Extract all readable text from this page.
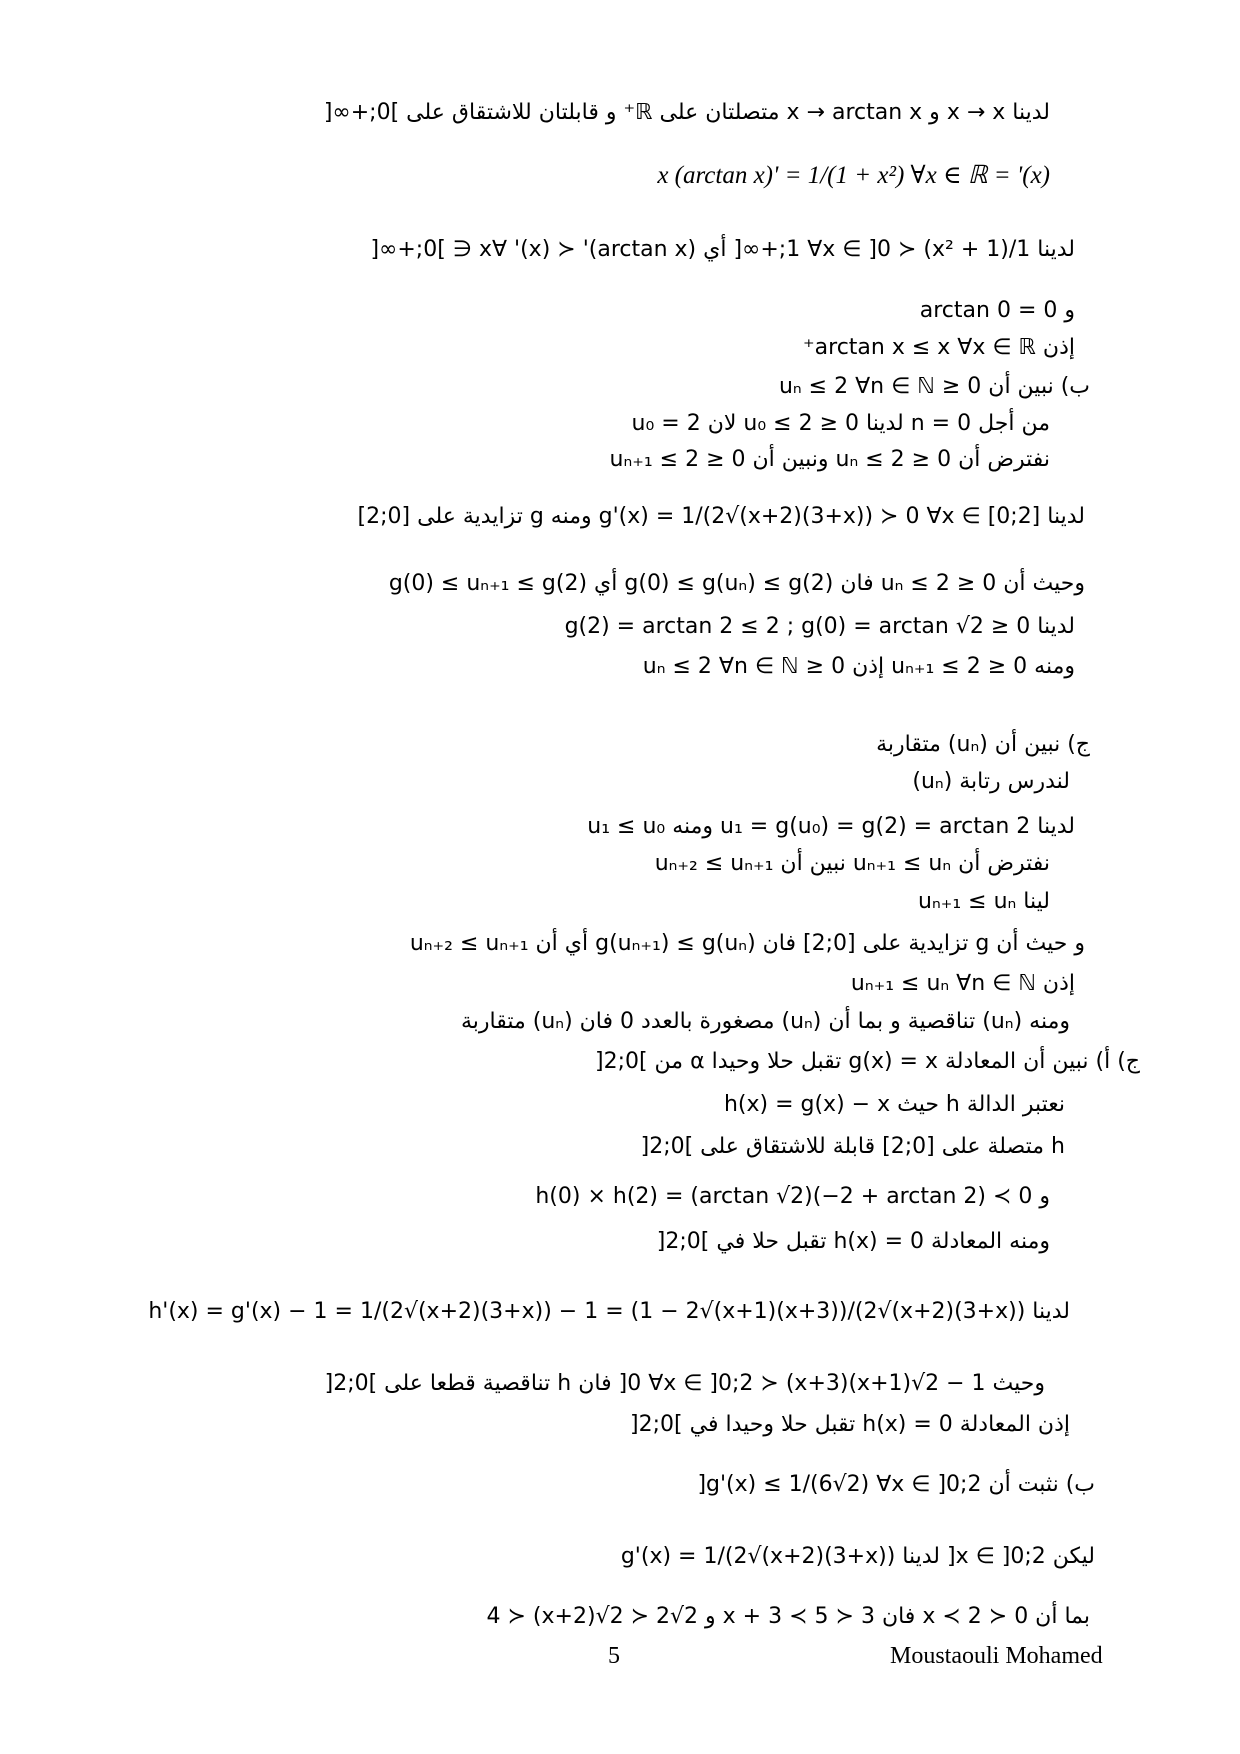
لدينا x → x و x → arctan x متصلتان على ℝ⁺ و قابلتان للاشتقاق على ]0;+∞[
(x)' = x (arctan x)' = 1/(1 + x²) ∀x ∈ ℝ
لدينا 1/(1 + x²) ≺ 1 ∀x ∈ ]0;+∞[ أي (arctan x)' ≺ (x)' ∀x ∈ ]0;+∞[
و arctan 0 = 0
إذن arctan x ≤ x ∀x ∈ ℝ⁺
ب) نبين أن 0 ≤ uₙ ≤ 2 ∀n ∈ ℕ
من أجل n = 0 لدينا 0 ≤ u₀ ≤ 2 لان u₀ = 2
نفترض أن 0 ≤ uₙ ≤ 2 ونبين أن 0 ≤ uₙ₊₁ ≤ 2
لدينا g'(x) = 1/(2√(x+2)(3+x)) ≻ 0 ∀x ∈ [0;2] ومنه g تزايدية على [0;2]
وحيث أن 0 ≤ uₙ ≤ 2 فان g(0) ≤ g(uₙ) ≤ g(2) أي g(0) ≤ uₙ₊₁ ≤ g(2)
لدينا g(2) = arctan 2 ≤ 2 ; g(0) = arctan √2 ≥ 0
ومنه 0 ≤ uₙ₊₁ ≤ 2 إذن 0 ≤ uₙ ≤ 2 ∀n ∈ ℕ
ج) نبين أن (uₙ) متقاربة
لندرس رتابة (uₙ)
لدينا u₁ = g(u₀) = g(2) = arctan 2 ومنه u₁ ≤ u₀
نفترض أن uₙ₊₁ ≤ uₙ نبين أن uₙ₊₂ ≤ uₙ₊₁
لينا uₙ₊₁ ≤ uₙ
و حيث أن g تزايدية على [0;2] فان g(uₙ₊₁) ≤ g(uₙ) أي أن uₙ₊₂ ≤ uₙ₊₁
إذن uₙ₊₁ ≤ uₙ ∀n ∈ ℕ
ومنه (uₙ) تناقصية و بما أن (uₙ) مصغورة بالعدد 0 فان (uₙ) متقاربة
ج) أ) نبين أن المعادلة g(x) = x تقبل حلا وحيدا α من ]0;2[
نعتبر الدالة h حيث h(x) = g(x) − x
h متصلة على [0;2] قابلة للاشتقاق على ]0;2[
و h(0) × h(2) = (arctan √2)(−2 + arctan 2) ≺ 0
ومنه المعادلة h(x) = 0 تقبل حلا في ]0;2[
لدينا h'(x) = g'(x) − 1 = 1/(2√(x+2)(3+x)) − 1 = (1 − 2√(x+1)(x+3))/(2√(x+2)(3+x))
وحيث 1 − 2√(x+1)(x+3) ≺ 0 ∀x ∈ ]0;2[ فان h تناقصية قطعا على ]0;2[
إذن المعادلة h(x) = 0 تقبل حلا وحيدا في ]0;2[
ب) نثبت أن g'(x) ≤ 1/(6√2) ∀x ∈ ]0;2[
ليكن x ∈ ]0;2[ لدينا g'(x) = 1/(2√(x+2)(3+x))
بما أن 0 ≺ x ≺ 2 فان 3 ≺ x + 3 ≺ 5 و 2√2 ≺ 2√(x+2) ≺ 4
5	Moustaouli Mohamed
